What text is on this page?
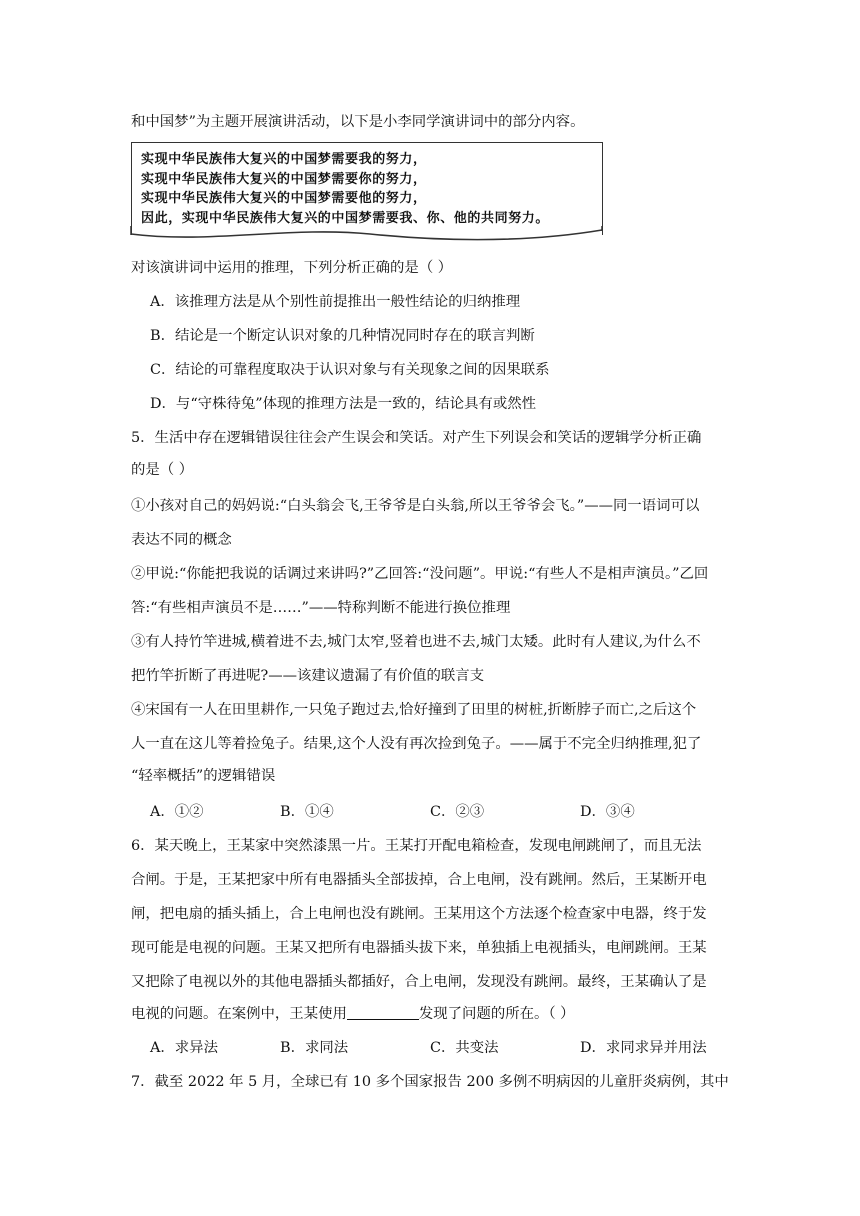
和中国梦”为主题开展演讲活动，以下是小李同学演讲词中的部分内容。
实现中华民族伟大复兴的中国梦需要我的努力，
实现中华民族伟大复兴的中国梦需要你的努力，
实现中华民族伟大复兴的中国梦需要他的努力，
因此，实现中华民族伟大复兴的中国梦需要我、你、他的共同努力。
对该演讲词中运用的推理，下列分析正确的是（ ）
A．该推理方法是从个别性前提推出一般性结论的归纳推理
B．结论是一个断定认识对象的几种情况同时存在的联言判断
C．结论的可靠程度取决于认识对象与有关现象之间的因果联系
D．与“守株待兔”体现的推理方法是一致的，结论具有或然性
5．生活中存在逻辑错误往往会产生误会和笑话。对产生下列误会和笑话的逻辑学分析正确
的是（ ）
①小孩对自己的妈妈说:“白头翁会飞,王爷爷是白头翁,所以王爷爷会飞。”——同一语词可以
表达不同的概念
②甲说:“你能把我说的话调过来讲吗?”乙回答:“没问题”。甲说:“有些人不是相声演员。”乙回
答:“有些相声演员不是……”——特称判断不能进行换位推理
③有人持竹竿进城,横着进不去,城门太窄,竖着也进不去,城门太矮。此时有人建议,为什么不
把竹竿折断了再进呢?——该建议遗漏了有价值的联言支
④宋国有一人在田里耕作,一只兔子跑过去,恰好撞到了田里的树桩,折断脖子而亡,之后这个
人一直在这儿等着捡兔子。结果,这个人没有再次捡到兔子。——属于不完全归纳推理,犯了
“轻率概括”的逻辑错误
A．①②	B．①④	C．②③	D．③④
6．某天晚上，王某家中突然漆黑一片。王某打开配电箱检查，发现电闸跳闸了，而且无法
合闸。于是，王某把家中所有电器插头全部拔掉，合上电闸，没有跳闸。然后，王某断开电
闸，把电扇的插头插上，合上电闸也没有跳闸。王某用这个方法逐个检查家中电器，终于发
现可能是电视的问题。王某又把所有电器插头拔下来，单独插上电视插头，电闸跳闸。王某
又把除了电视以外的其他电器插头都插好，合上电闸，发现没有跳闸。最终，王某确认了是
电视的问题。在案例中，王某使用	发现了问题的所在。（ ）
A．求异法	B．求同法	C．共变法	D．求同求异并用法
7．截至 2022 年 5 月，全球已有 10 多个国家报告 200 多例不明病因的儿童肝炎病例，其中
